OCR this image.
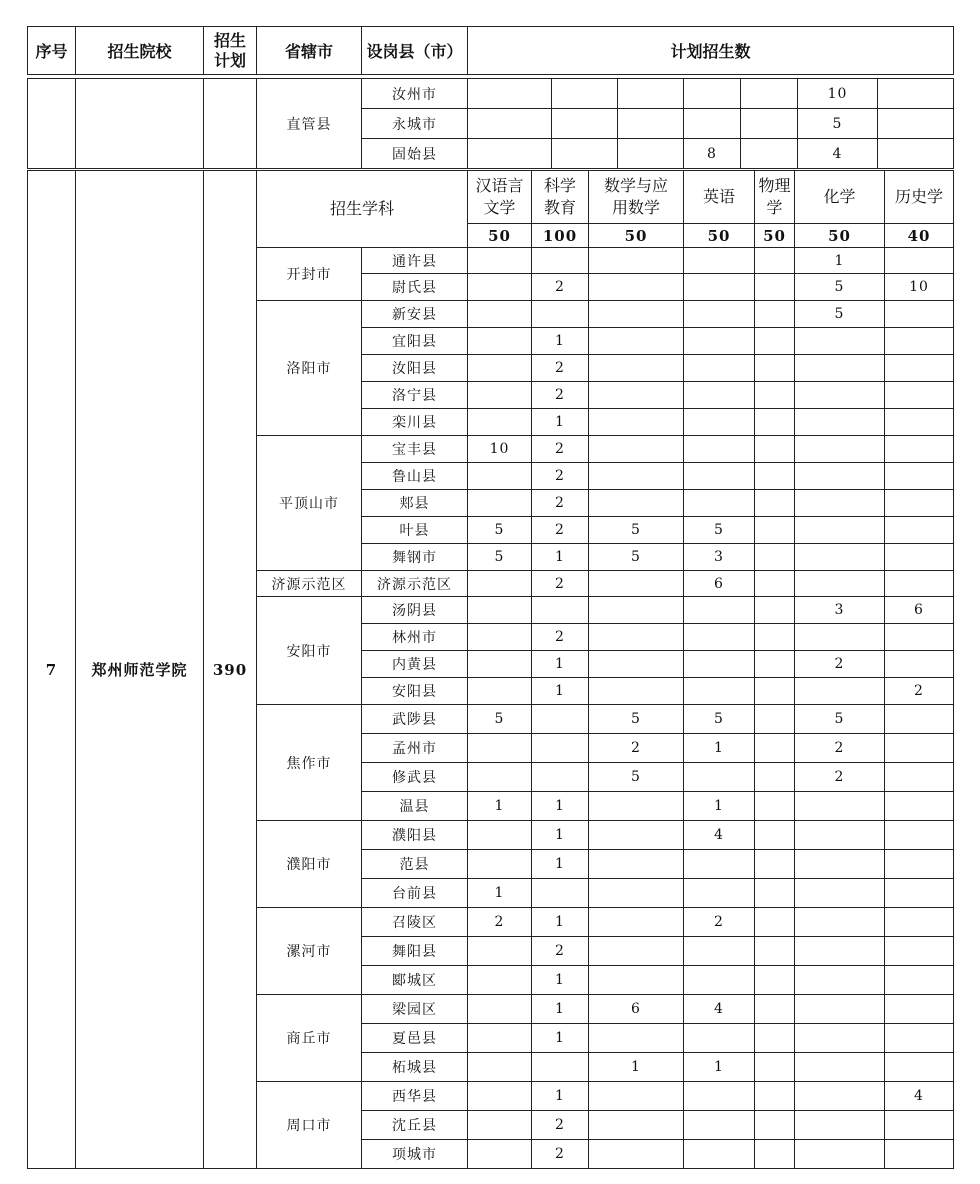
序号	招生院校	招生计划	省辖市	设岗县（市）	计划招生数
			直管县	汝州市						10	
				永城市						5	
				固始县				8		4	
7	郑州师范学院	390	招生学科		汉语言文学	科学教育	数学与应用数学	英语	物理学	化学	历史学
					50	100	50	50	50	50	40
			开封市	通许县						1	
				尉氏县		2				5	10
			洛阳市	新安县						5	
				宜阳县		1					
				汝阳县		2					
				洛宁县		2					
				栾川县		1					
			平顶山市	宝丰县	10	2					
				鲁山县		2					
				郏县		2					
				叶县	5	2	5	5			
				舞钢市	5	1	5	3			
			济源示范区	济源示范区		2		6			
			安阳市	汤阴县						3	6
				林州市		2					
				内黄县		1				2	
				安阳县		1					2
			焦作市	武陟县	5		5	5		5	
				孟州市			2	1		2	
				修武县			5			2	
				温县	1	1		1			
			濮阳市	濮阳县		1		4			
				范县		1					
				台前县	1						
			漯河市	召陵区	2	1		2			
				舞阳县		2					
				郾城区		1					
			商丘市	梁园区		1	6	4			
				夏邑县		1					
				柘城县			1	1			
			周口市	西华县		1					4
				沈丘县		2					
				项城市		2					
